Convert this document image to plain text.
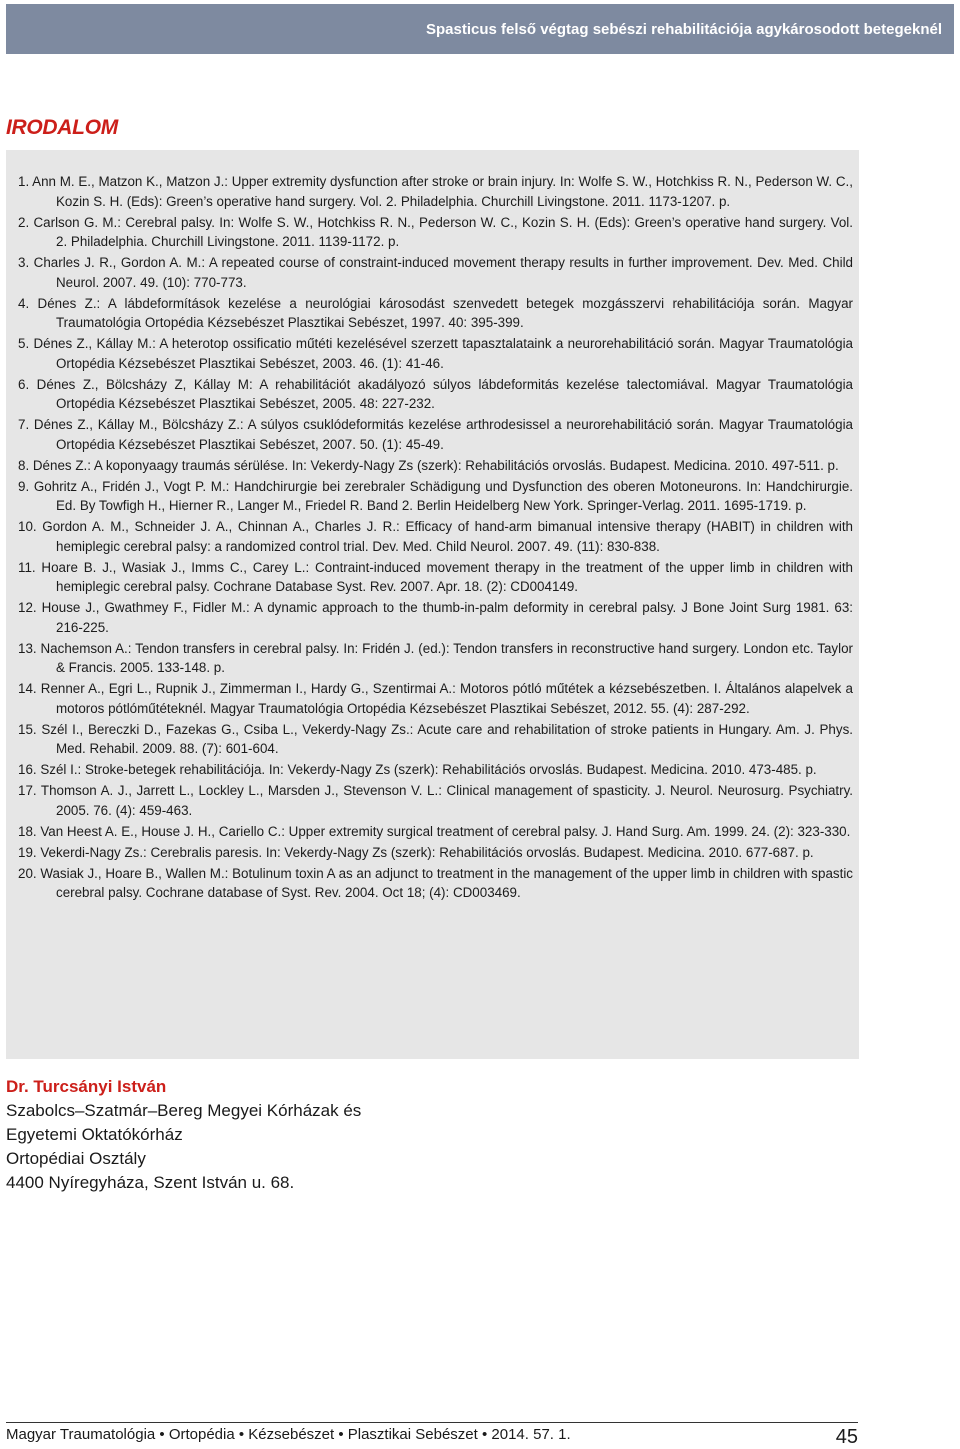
Spasticus felső végtag sebészi rehabilitációja agykárosodott betegeknél
IRODALOM

1. Ann M. E., Matzon K., Matzon J.: Upper extremity dysfunction after stroke or brain injury. In: Wolfe S. W., Hotchkiss R. N., Pederson W. C., Kozin S. H. (Eds): Green’s operative hand surgery. Vol. 2. Philadelphia. Churchill Livingstone. 2011. 1173-1207. p.

2. Carlson G. M.: Cerebral palsy. In: Wolfe S. W., Hotchkiss R. N., Pederson W. C., Kozin S. H. (Eds): Green’s operative hand surgery. Vol. 2. Philadelphia. Churchill Livingstone. 2011. 1139-1172. p.

3. Charles J. R., Gordon A. M.: A repeated course of constraint-induced movement therapy results in further improvement. Dev. Med. Child Neurol. 2007. 49. (10): 770-773.

4. Dénes Z.: A lábdeformítások kezelése a neurológiai károsodást szenvedett betegek mozgásszervi rehabilitációja során. Magyar Traumatológia Ortopédia Kézsebészet Plasztikai Sebészet, 1997. 40: 395-399.

5. Dénes Z., Kállay M.: A heterotop ossificatio műtéti kezelésével szerzett tapasztalataink a neurorehabilitáció során. Magyar Traumatológia Ortopédia Kézsebészet Plasztikai Sebészet, 2003. 46. (1): 41-46.

6. Dénes Z., Bölcsházy Z, Kállay M: A rehabilitációt akadályozó súlyos lábdeformitás kezelése talectomiával. Magyar Traumatológia Ortopédia Kézsebészet Plasztikai Sebészet, 2005. 48: 227-232.

7. Dénes Z., Kállay M., Bölcsházy Z.: A súlyos csuklódeformitás kezelése arthrodesissel a neurorehabilitáció során. Magyar Traumatológia Ortopédia Kézsebészet Plasztikai Sebészet, 2007. 50. (1): 45-49.

8. Dénes Z.: A koponyaagy traumás sérülése. In: Vekerdy-Nagy Zs (szerk): Rehabilitációs orvoslás. Budapest. Medicina. 2010. 497-511. p.

9. Gohritz A., Fridén J., Vogt P. M.: Handchirurgie bei zerebraler Schädigung und Dysfunction des oberen Motoneurons. In: Handchirurgie. Ed. By Towfigh H., Hierner R., Langer M., Friedel R. Band 2. Berlin Heidelberg New York. Springer-Verlag. 2011. 1695-1719. p.

10. Gordon A. M., Schneider J. A., Chinnan A., Charles J. R.: Efficacy of hand-arm bimanual intensive therapy (HABIT) in children with hemiplegic cerebral palsy: a randomized control trial. Dev. Med. Child Neurol. 2007. 49. (11): 830-838.

11. Hoare B. J., Wasiak J., Imms C., Carey L.: Contraint-induced movement therapy in the treatment of the upper limb in children with hemiplegic cerebral palsy. Cochrane Database Syst. Rev. 2007. Apr. 18. (2): CD004149.

12. House J., Gwathmey F., Fidler M.: A dynamic approach to the thumb-in-palm deformity in cerebral palsy. J Bone Joint Surg 1981. 63: 216-225.

13. Nachemson A.: Tendon transfers in cerebral palsy. In: Fridén J. (ed.): Tendon transfers in reconstructive hand surgery. London etc. Taylor & Francis. 2005. 133-148. p.

14. Renner A., Egri L., Rupnik J., Zimmerman I., Hardy G., Szentirmai A.: Motoros pótló műtétek a kézsebészetben. I. Általános alapelvek a motoros pótlóműtéteknél. Magyar Traumatológia Ortopédia Kézsebészet Plasztikai Sebészet, 2012. 55. (4): 287-292.

15. Szél I., Bereczki D., Fazekas G., Csiba L., Vekerdy-Nagy Zs.: Acute care and rehabilitation of stroke patients in Hungary. Am. J. Phys. Med. Rehabil. 2009. 88. (7): 601-604.

16. Szél I.: Stroke-betegek rehabilitációja. In: Vekerdy-Nagy Zs (szerk): Rehabilitációs orvoslás. Budapest. Medicina. 2010. 473-485. p.

17. Thomson A. J., Jarrett L., Lockley L., Marsden J., Stevenson V. L.: Clinical management of spasticity. J. Neurol. Neurosurg. Psychiatry. 2005. 76. (4): 459-463.

18. Van Heest A. E., House J. H., Cariello C.: Upper extremity surgical treatment of cerebral palsy. J. Hand Surg. Am. 1999. 24. (2): 323-330.

19. Vekerdi-Nagy Zs.: Cerebralis paresis. In: Vekerdy-Nagy Zs (szerk): Rehabilitációs orvoslás. Budapest. Medicina. 2010. 677-687. p.

20. Wasiak J., Hoare B., Wallen M.: Botulinum toxin A as an adjunct to treatment in the management of the upper limb in children with spastic cerebral palsy. Cochrane database of Syst. Rev. 2004. Oct 18; (4): CD003469.

Dr. Turcsányi István
Szabolcs–Szatmár–Bereg Megyei Kórházak és
Egyetemi Oktatókórház
Ortopédiai Osztály
4400 Nyíregyháza, Szent István u. 68.
Magyar Traumatológia • Ortopédia • Kézsebészet • Plasztikai Sebészet • 2014. 57. 1.	45
